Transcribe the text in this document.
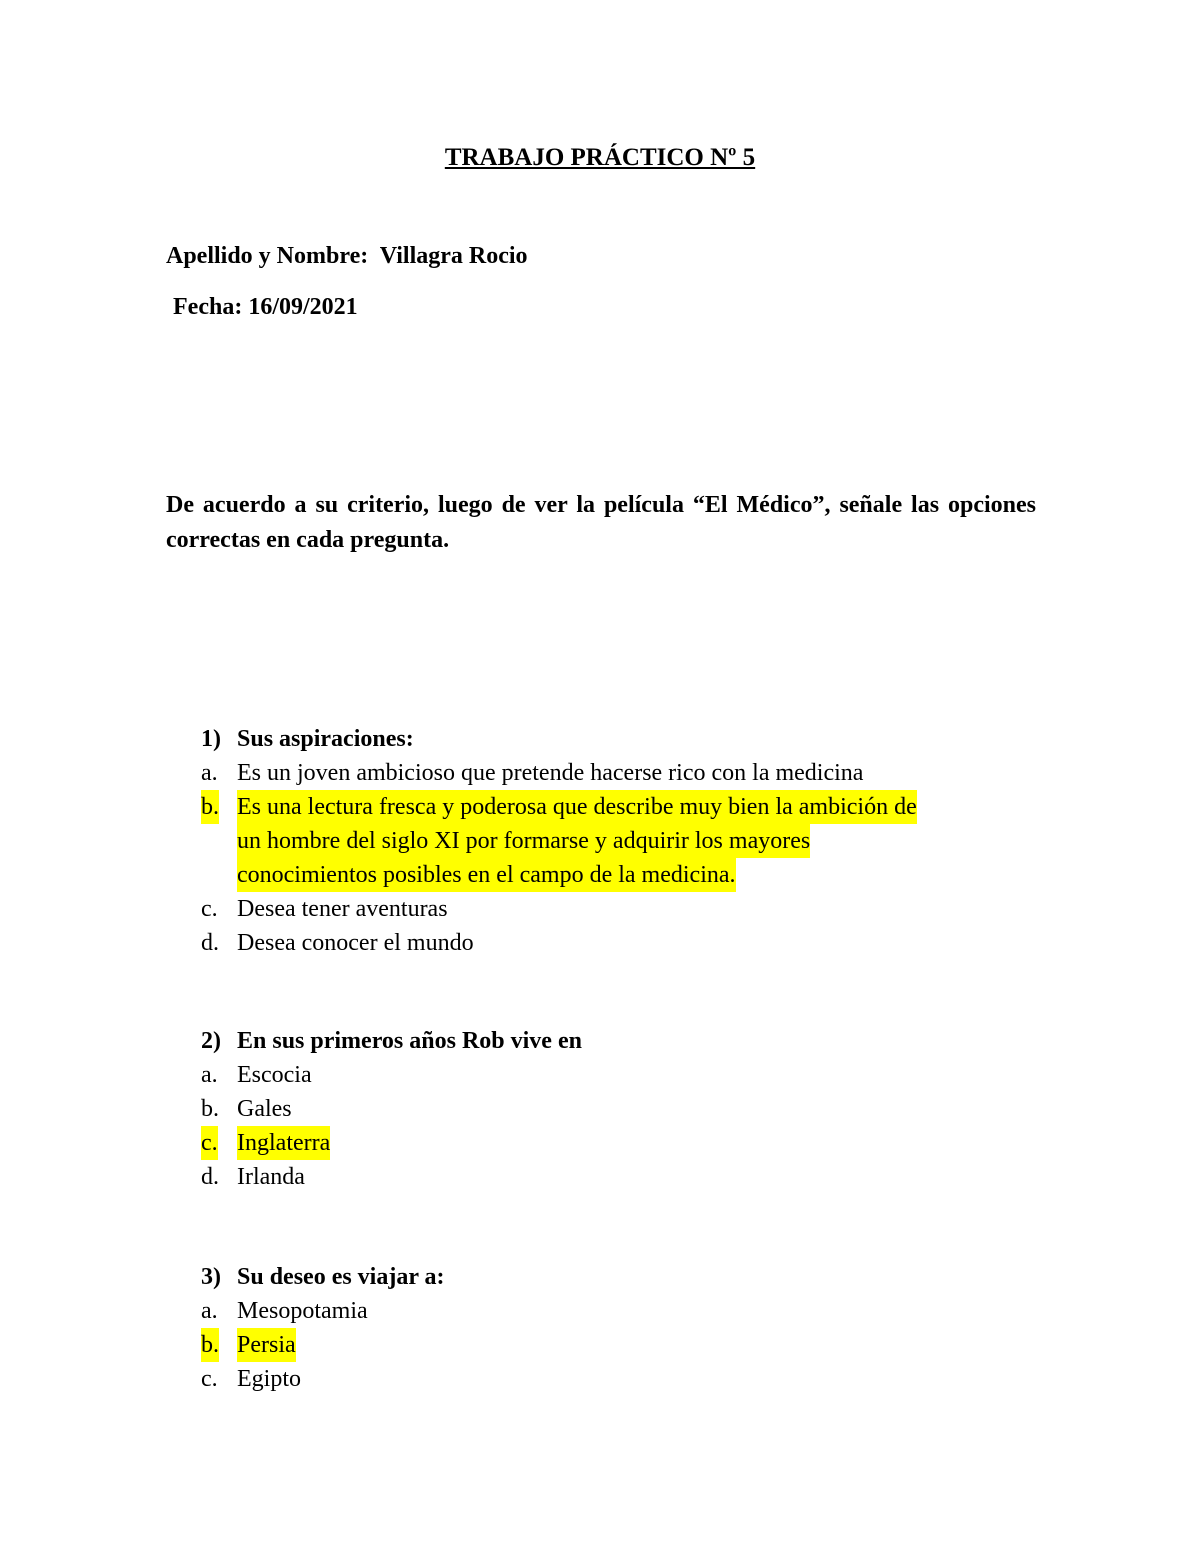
TRABAJO PRÁCTICO Nº 5
Apellido y Nombre: Villagra Rocio
Fecha: 16/09/2021
De acuerdo a su criterio, luego de ver la película “El Médico”, señale las opciones correctas en cada pregunta.
1) Sus aspiraciones:
a. Es un joven ambicioso que pretende hacerse rico con la medicina
b. Es una lectura fresca y poderosa que describe muy bien la ambición de
un hombre del siglo XI por formarse y adquirir los mayores
conocimientos posibles en el campo de la medicina.
c. Desea tener aventuras
d. Desea conocer el mundo
2) En sus primeros años Rob vive en
a. Escocia
b. Gales
c. Inglaterra
d. Irlanda
3) Su deseo es viajar a:
a. Mesopotamia
b. Persia
c. Egipto
